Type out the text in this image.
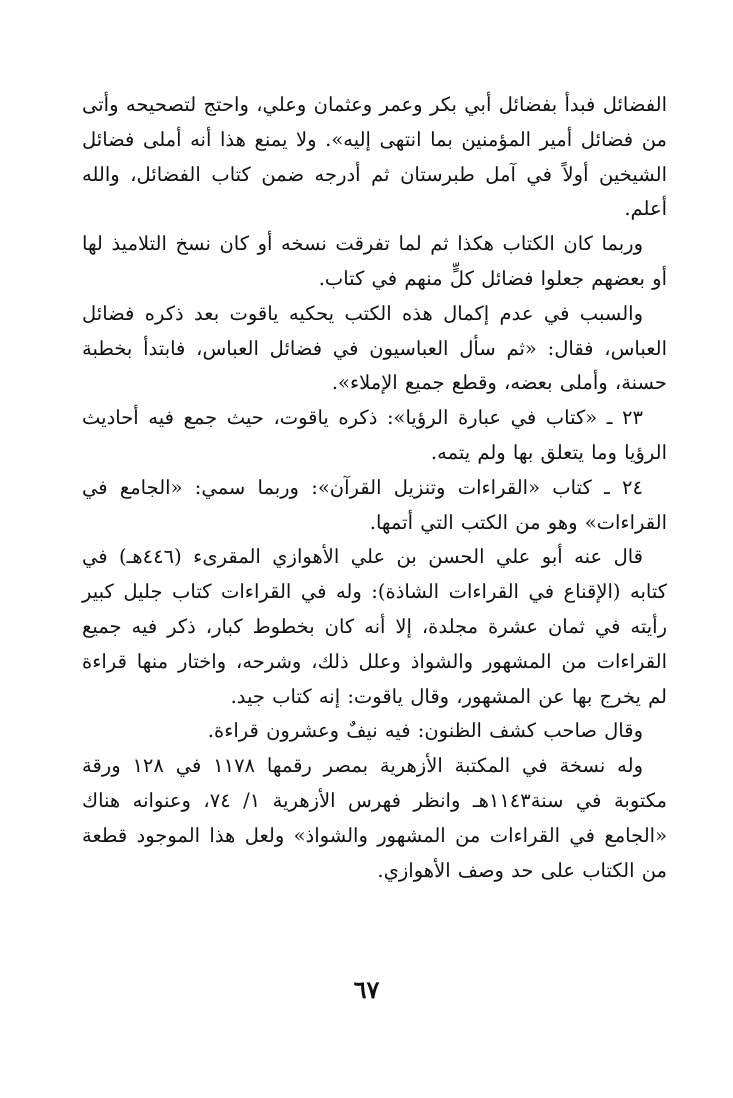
الفضائل فبدأ بفضائل أبي بكر وعمر وعثمان وعلي، واحتج لتصحيحه وأتى من فضائل أمير المؤمنين بما انتهى إليه». ولا يمنع هذا أنه أملى فضائل الشيخين أولاً في آمل طبرستان ثم أدرجه ضمن كتاب الفضائل، والله أعلم.

وربما كان الكتاب هكذا ثم لما تفرقت نسخه أو كان نسخ التلاميذ لها أو بعضهم جعلوا فضائل كلٍّ منهم في كتاب.

والسبب في عدم إكمال هذه الكتب يحكيه ياقوت بعد ذكره فضائل العباس، فقال: «ثم سأل العباسيون في فضائل العباس، فابتدأ بخطبة حسنة، وأملى بعضه، وقطع جميع الإملاء».

٢٣ ـ «كتاب في عبارة الرؤيا»: ذكره ياقوت، حيث جمع فيه أحاديث الرؤيا وما يتعلق بها ولم يتمه.

٢٤ ـ كتاب «القراءات وتنزيل القرآن»: وربما سمي: «الجامع في القراءات» وهو من الكتب التي أتمها.

قال عنه أبو علي الحسن بن علي الأهوازي المقرىء (٤٤٦هـ) في كتابه (الإقناع في القراءات الشاذة): وله في القراءات كتاب جليل كبير رأيته في ثمان عشرة مجلدة، إلا أنه كان بخطوط كبار، ذكر فيه جميع القراءات من المشهور والشواذ وعلل ذلك، وشرحه، واختار منها قراءة لم يخرج بها عن المشهور، وقال ياقوت: إنه كتاب جيد.

وقال صاحب كشف الظنون: فيه نيفٌ وعشرون قراءة.

وله نسخة في المكتبة الأزهرية بمصر رقمها ١١٧٨ في ١٢٨ ورقة مكتوبة في سنة١١٤٣هـ وانظر فهرس الأزهرية ١/ ٧٤، وعنوانه هناك «الجامع في القراءات من المشهور والشواذ» ولعل هذا الموجود قطعة من الكتاب على حد وصف الأهوازي.

٦٧
